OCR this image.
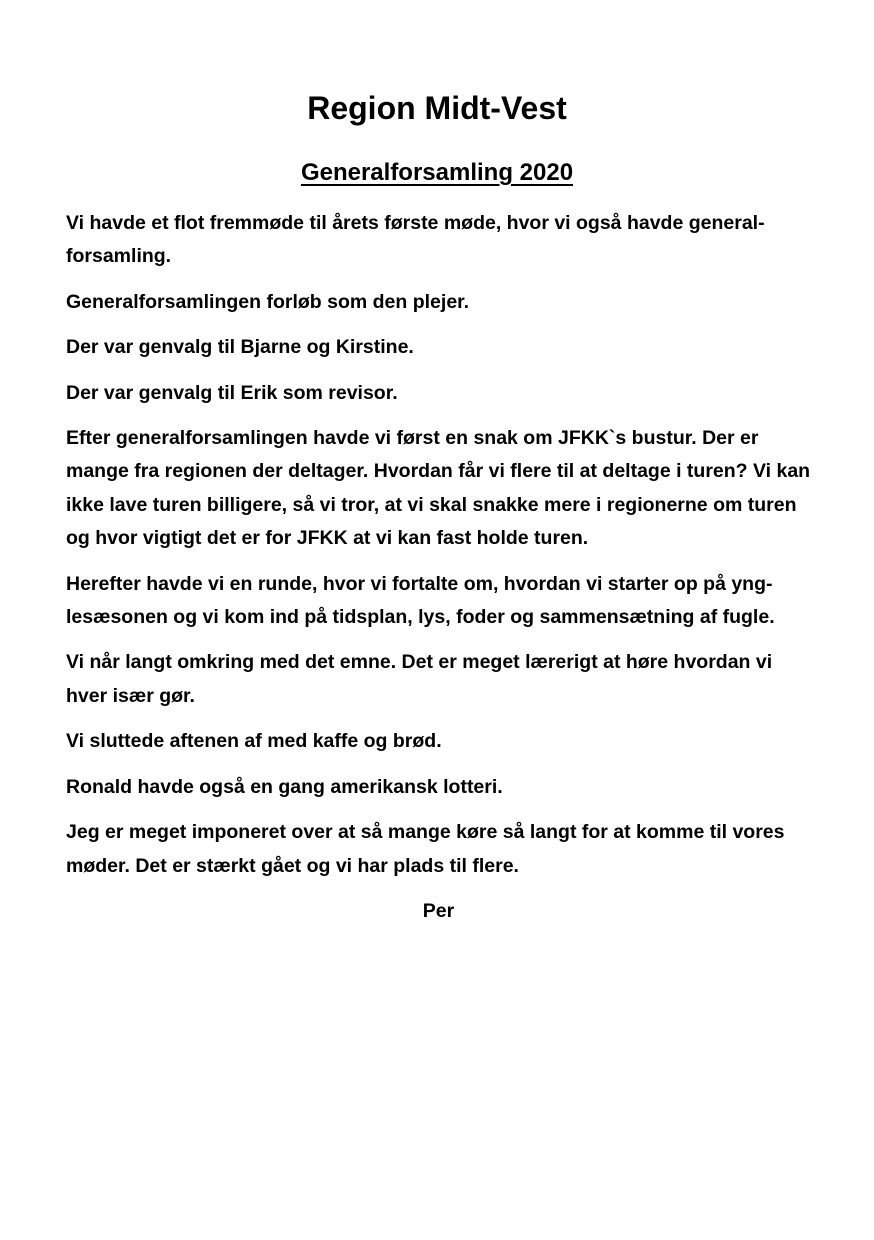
Region Midt-Vest
Generalforsamling 2020

Vi havde et flot fremmøde til årets første møde, hvor vi også havde general-forsamling.

Generalforsamlingen forløb som den plejer.

Der var genvalg til Bjarne og Kirstine.

Der var genvalg til Erik som revisor.

Efter generalforsamlingen havde vi først en snak om JFKK`s bustur. Der er mange fra regionen der deltager. Hvordan får vi flere til at deltage i turen? Vi kan ikke lave turen billigere, så vi tror, at vi skal snakke mere i regionerne om turen og hvor vigtigt det er for JFKK at vi kan fast holde turen.

Herefter havde vi en runde, hvor vi fortalte om, hvordan vi starter op på yng-lesæsonen og vi kom ind på tidsplan, lys, foder og sammensætning af fugle.

Vi når langt omkring med det emne. Det er meget lærerigt at høre hvordan vi hver især gør.

Vi sluttede aftenen af med kaffe og brød.

Ronald havde også en gang amerikansk lotteri.

Jeg er meget imponeret over at så mange køre så langt for at komme til vores møder. Det er stærkt gået og vi har plads til flere.

Per
